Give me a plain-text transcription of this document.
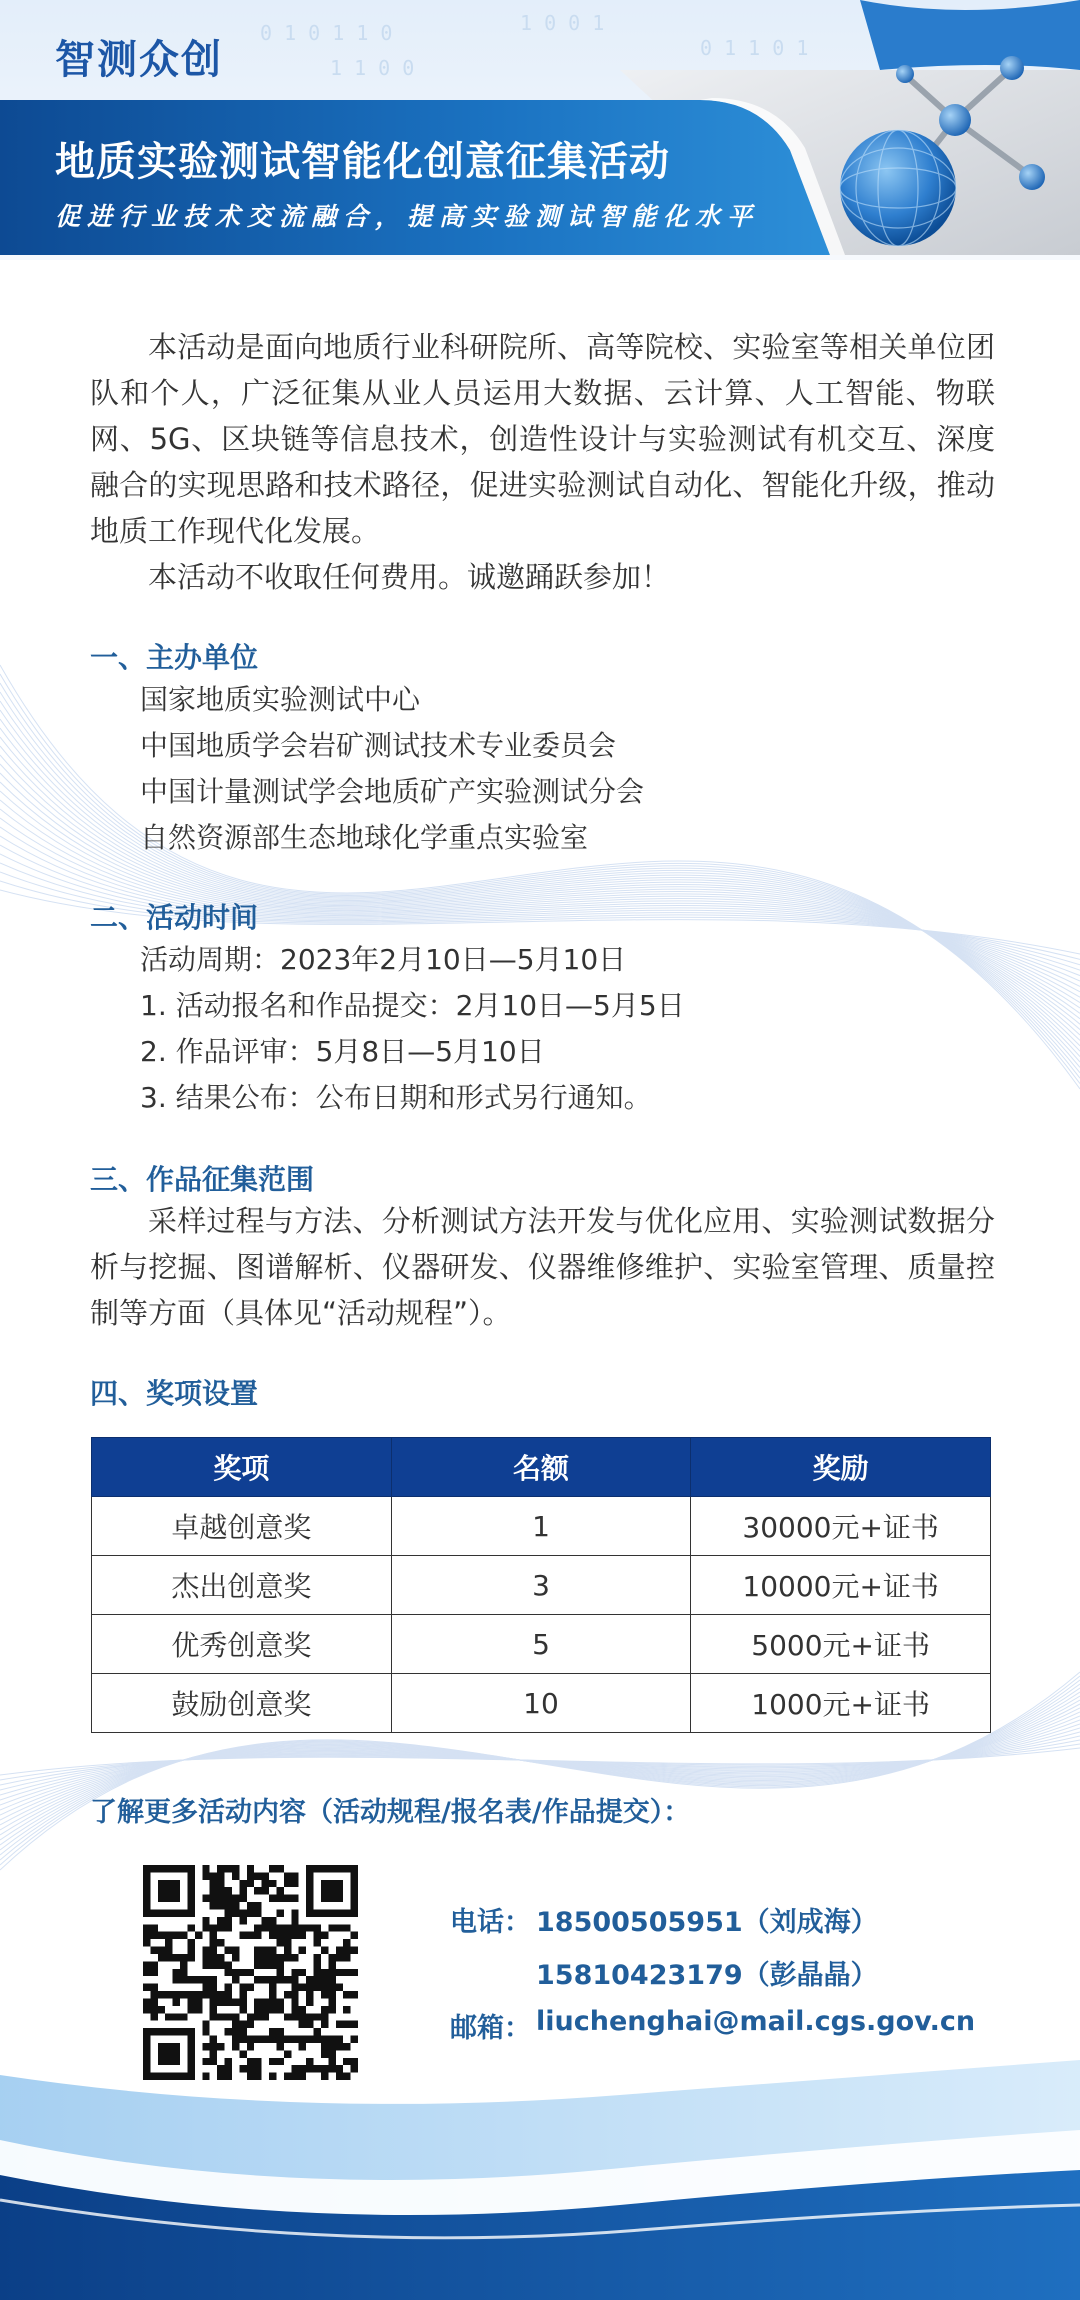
0 1 0 1 1 0	1 0 0 1
0 1 1 0 1
1 1 0 0
智测众创
地质实验测试智能化创意征集活动
促进行业技术交流融合，提高实验测试智能化水平
本活动是面向地质行业科研院所、高等院校、实验室等相关单位团队和个人，广泛征集从业人员运用大数据、云计算、人工智能、物联网、5G、区块链等信息技术，创造性设计与实验测试有机交互、深度融合的实现思路和技术路径，促进实验测试自动化、智能化升级，推动地质工作现代化发展。
本活动不收取任何费用。诚邀踊跃参加！
一、主办单位
国家地质实验测试中心
中国地质学会岩矿测试技术专业委员会
中国计量测试学会地质矿产实验测试分会
自然资源部生态地球化学重点实验室
二、活动时间
活动周期：2023年2月10日—5月10日
1. 活动报名和作品提交：2月10日—5月5日
2. 作品评审：5月8日—5月10日
3. 结果公布：公布日期和形式另行通知。
三、作品征集范围
采样过程与方法、分析测试方法开发与优化应用、实验测试数据分析与挖掘、图谱解析、仪器研发、仪器维修维护、实验室管理、质量控制等方面（具体见“活动规程”）。
四、奖项设置
奖项	名额	奖励
卓越创意奖	1	30000元+证书
杰出创意奖	3	10000元+证书
优秀创意奖	5	5000元+证书
鼓励创意奖	10	1000元+证书
了解更多活动内容（活动规程/报名表/作品提交）：
电话： 18500505951（刘成海）
15810423179（彭晶晶）
邮箱： liuchenghai@mail.cgs.gov.cn
